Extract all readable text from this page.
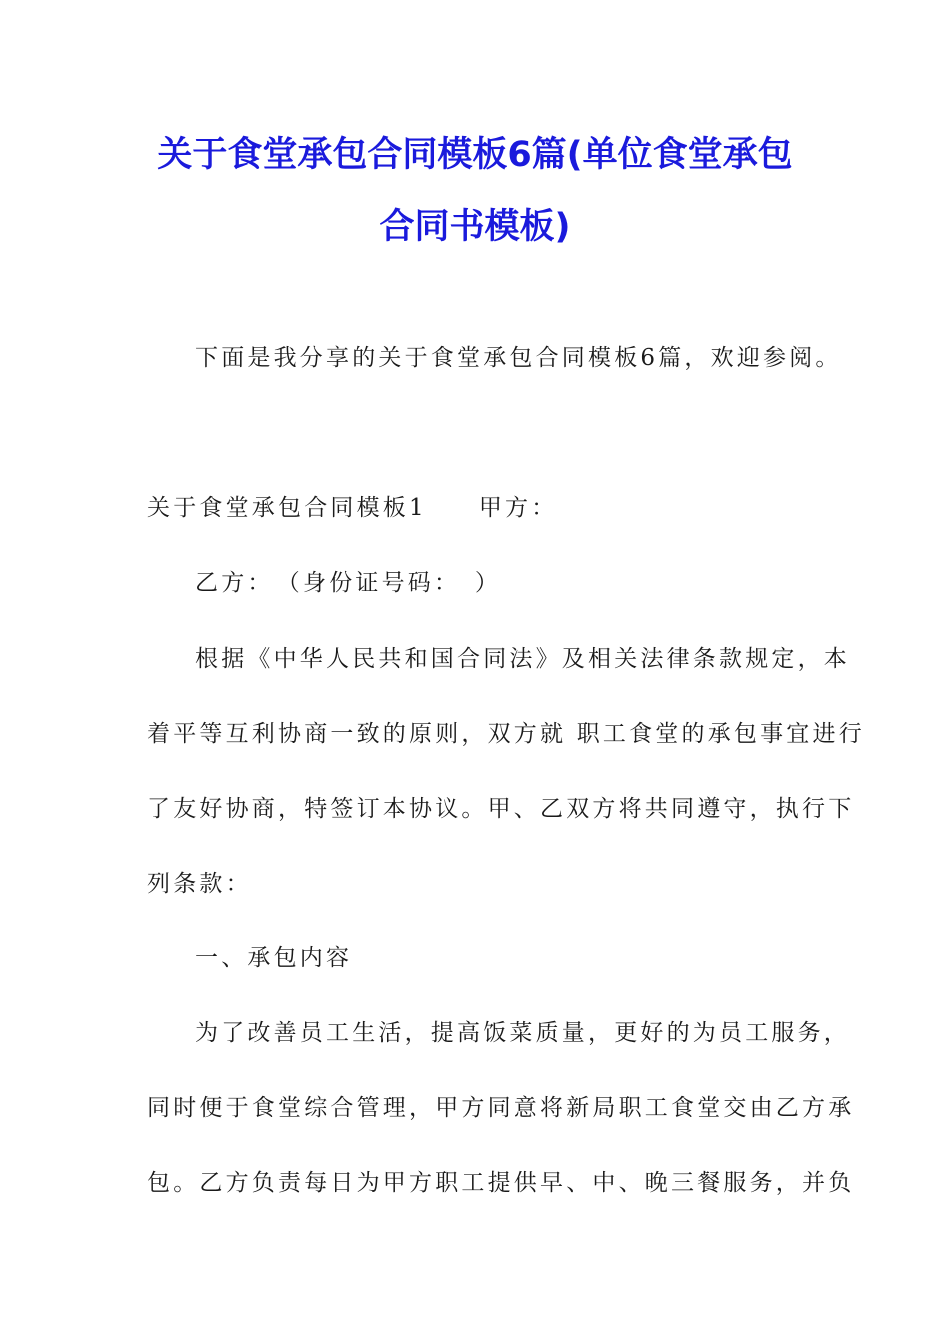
关于食堂承包合同模板6篇(单位食堂承包
合同书模板)

下面是我分享的关于食堂承包合同模板6篇，欢迎参阅。

关于食堂承包合同模板1 甲方：

乙方：　（身份证号码：　）

根据《中华人民共和国合同法》及相关法律条款规定，本

着平等互利协商一致的原则，双方就 职工食堂的承包事宜进行

了友好协商，特签订本协议。甲、乙双方将共同遵守，执行下

列条款：

一、承包内容

为了改善员工生活，提高饭菜质量，更好的为员工服务，

同时便于食堂综合管理，甲方同意将新局职工食堂交由乙方承

包。乙方负责每日为甲方职工提供早、中、晚三餐服务，并负
